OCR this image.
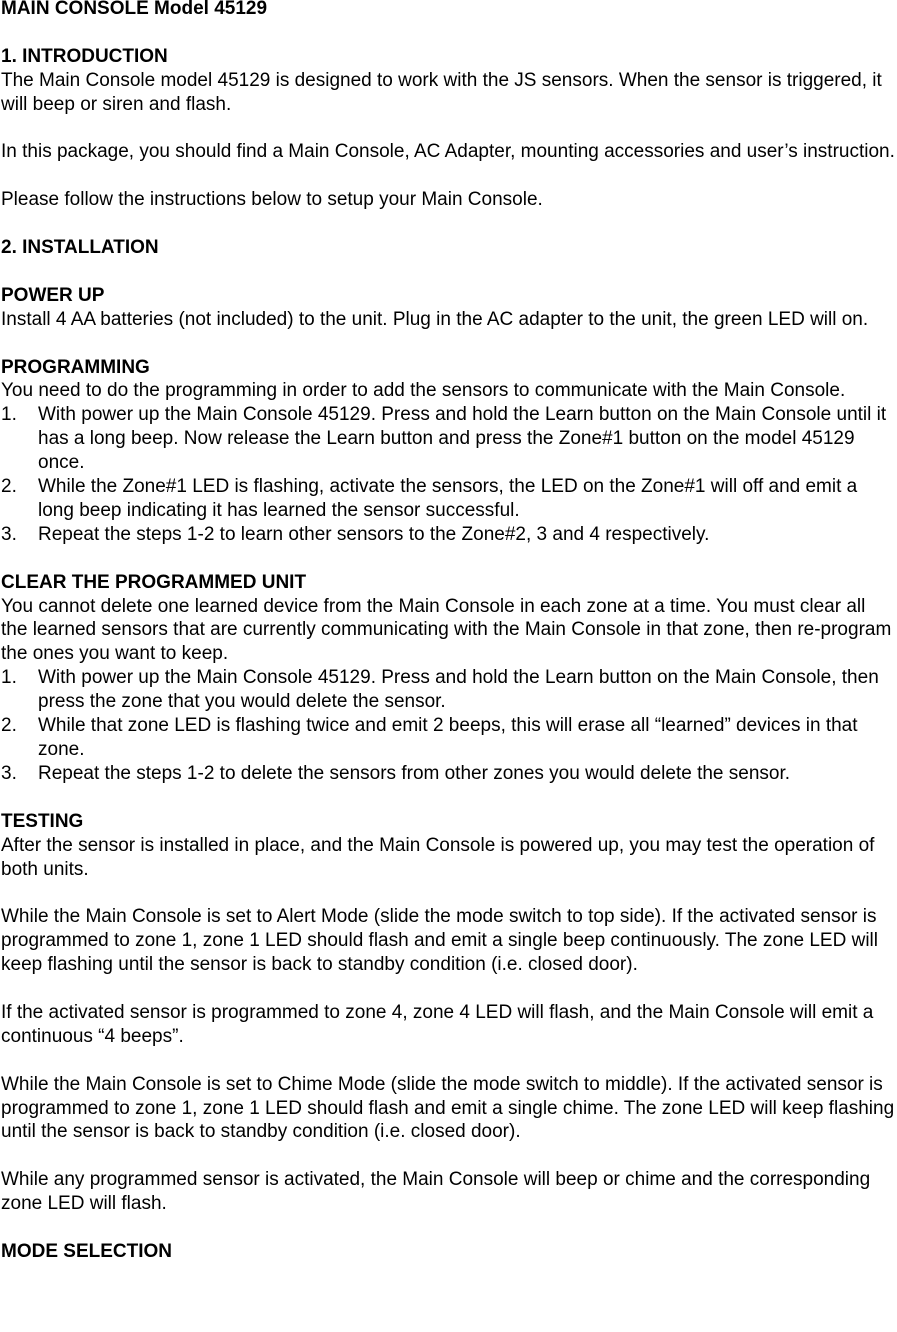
MAIN CONSOLE Model 45129

1. INTRODUCTION

The Main Console model 45129 is designed to work with the JS sensors. When the sensor is triggered, it will beep or siren and flash.

In this package, you should find a Main Console, AC Adapter, mounting accessories and user’s instruction.

Please follow the instructions below to setup your Main Console.

2. INSTALLATION

POWER UP

Install 4 AA batteries (not included) to the unit. Plug in the AC adapter to the unit, the green LED will on.

PROGRAMMING

You need to do the programming in order to add the sensors to communicate with the Main Console.

1. With power up the Main Console 45129. Press and hold the Learn button on the Main Console until it has a long beep. Now release the Learn button and press the Zone#1 button on the model 45129 once.
2. While the Zone#1 LED is flashing, activate the sensors, the LED on the Zone#1 will off and emit a long beep indicating it has learned the sensor successful.
3. Repeat the steps 1-2 to learn other sensors to the Zone#2, 3 and 4 respectively.

CLEAR THE PROGRAMMED UNIT

You cannot delete one learned device from the Main Console in each zone at a time. You must clear all the learned sensors that are currently communicating with the Main Console in that zone, then re-program the ones you want to keep.

1. With power up the Main Console 45129. Press and hold the Learn button on the Main Console, then press the zone that you would delete the sensor.
2. While that zone LED is flashing twice and emit 2 beeps, this will erase all “learned” devices in that zone.
3. Repeat the steps 1-2 to delete the sensors from other zones you would delete the sensor.

TESTING

After the sensor is installed in place, and the Main Console is powered up, you may test the operation of both units.

While the Main Console is set to Alert Mode (slide the mode switch to top side). If the activated sensor is programmed to zone 1, zone 1 LED should flash and emit a single beep continuously. The zone LED will keep flashing until the sensor is back to standby condition (i.e. closed door).

If the activated sensor is programmed to zone 4, zone 4 LED will flash, and the Main Console will emit a continuous “4 beeps”.

While the Main Console is set to Chime Mode (slide the mode switch to middle). If the activated sensor is programmed to zone 1, zone 1 LED should flash and emit a single chime. The zone LED will keep flashing until the sensor is back to standby condition (i.e. closed door).

While any programmed sensor is activated, the Main Console will beep or chime and the corresponding zone LED will flash.

MODE SELECTION
